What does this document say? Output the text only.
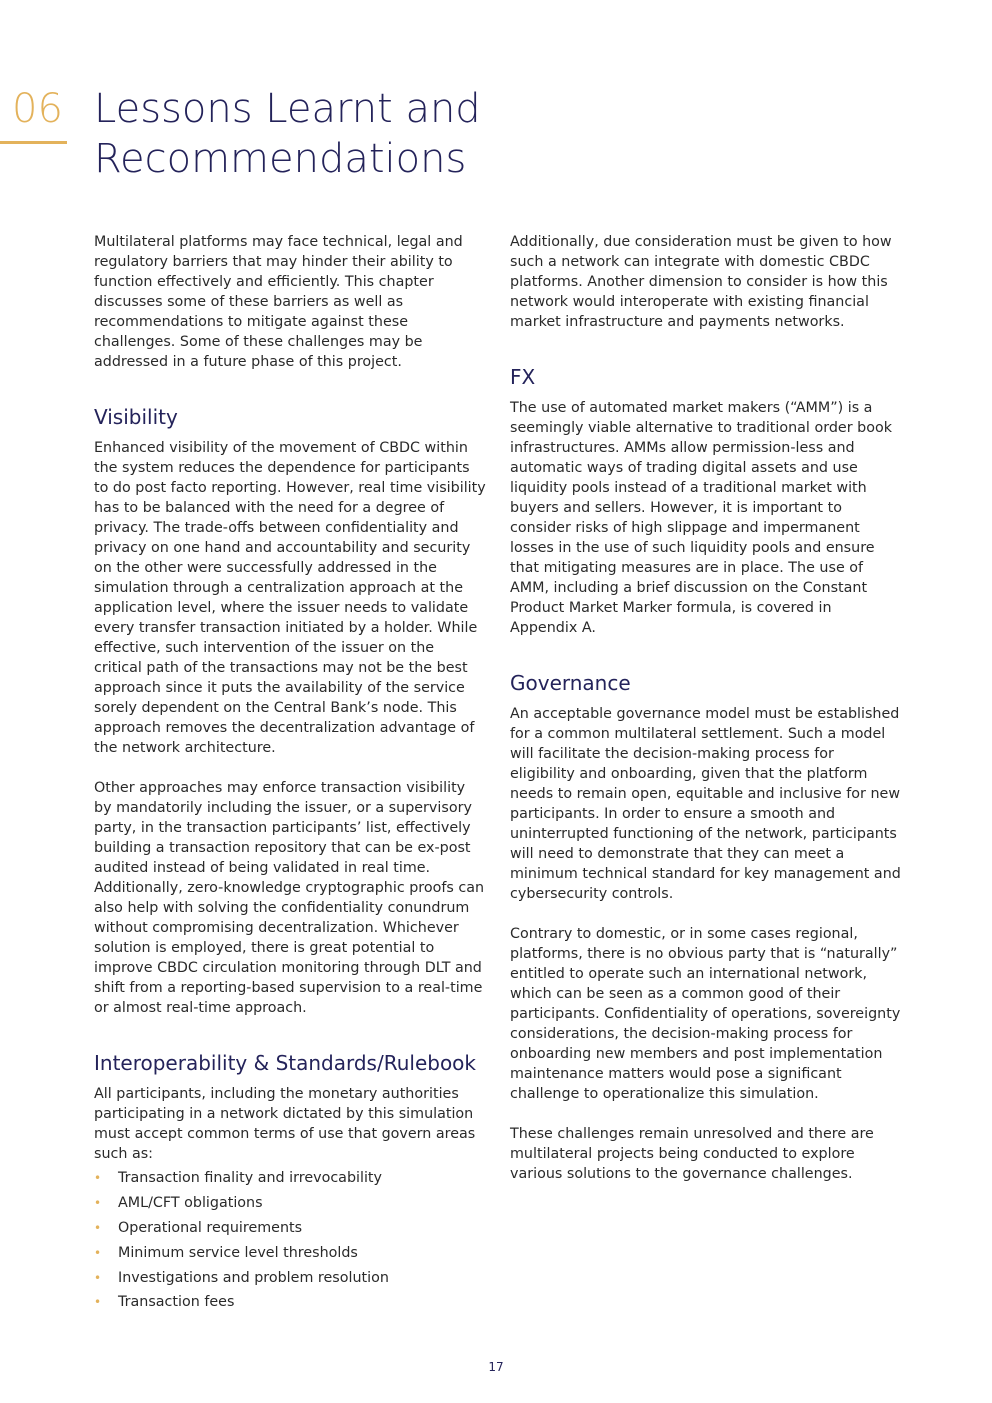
06 Lessons Learnt and
Recommendations

Multilateral platforms may face technical, legal and regulatory barriers that may hinder their ability to function effectively and efficiently. This chapter discusses some of these barriers as well as recommendations to mitigate against these challenges. Some of these challenges may be addressed in a future phase of this project.

Visibility

Enhanced visibility of the movement of CBDC within the system reduces the dependence for participants to do post facto reporting. However, real time visibility has to be balanced with the need for a degree of privacy. The trade-offs between confidentiality and privacy on one hand and accountability and security on the other were successfully addressed in the simulation through a centralization approach at the application level, where the issuer needs to validate every transfer transaction initiated by a holder. While effective, such intervention of the issuer on the critical path of the transactions may not be the best approach since it puts the availability of the service sorely dependent on the Central Bank’s node. This approach removes the decentralization advantage of the network architecture.

Other approaches may enforce transaction visibility by mandatorily including the issuer, or a supervisory party, in the transaction participants’ list, effectively building a transaction repository that can be ex-post audited instead of being validated in real time. Additionally, zero-knowledge cryptographic proofs can also help with solving the confidentiality conundrum without compromising decentralization. Whichever solution is employed, there is great potential to improve CBDC circulation monitoring through DLT and shift from a reporting-based supervision to a real-time or almost real-time approach.

Interoperability & Standards/Rulebook

All participants, including the monetary authorities participating in a network dictated by this simulation must accept common terms of use that govern areas such as:

• Transaction finality and irrevocability
• AML/CFT obligations
• Operational requirements
• Minimum service level thresholds
• Investigations and problem resolution
• Transaction fees

Additionally, due consideration must be given to how such a network can integrate with domestic CBDC platforms. Another dimension to consider is how this network would interoperate with existing financial market infrastructure and payments networks.

FX

The use of automated market makers (“AMM”) is a seemingly viable alternative to traditional order book infrastructures. AMMs allow permission-less and automatic ways of trading digital assets and use liquidity pools instead of a traditional market with buyers and sellers. However, it is important to consider risks of high slippage and impermanent losses in the use of such liquidity pools and ensure that mitigating measures are in place. The use of AMM, including a brief discussion on the Constant Product Market Marker formula, is covered in Appendix A.

Governance

An acceptable governance model must be established for a common multilateral settlement. Such a model will facilitate the decision-making process for eligibility and onboarding, given that the platform needs to remain open, equitable and inclusive for new participants. In order to ensure a smooth and uninterrupted functioning of the network, participants will need to demonstrate that they can meet a minimum technical standard for key management and cybersecurity controls.

Contrary to domestic, or in some cases regional, platforms, there is no obvious party that is “naturally” entitled to operate such an international network, which can be seen as a common good of their participants. Confidentiality of operations, sovereignty considerations, the decision-making process for onboarding new members and post implementation maintenance matters would pose a significant challenge to operationalize this simulation.

These challenges remain unresolved and there are multilateral projects being conducted to explore various solutions to the governance challenges.

17
